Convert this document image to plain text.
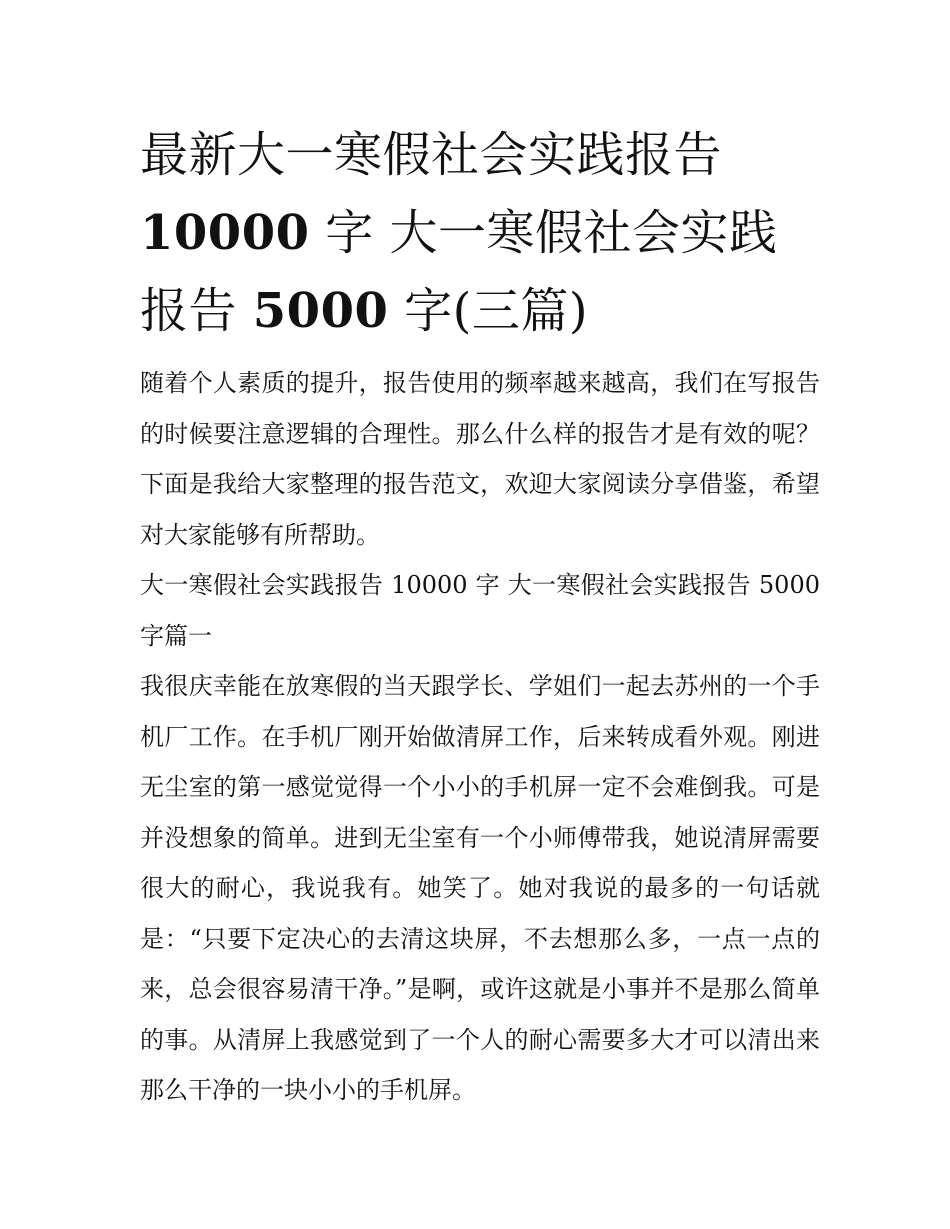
最新大一寒假社会实践报告 10000 字 大一寒假社会实践报告 5000 字(三篇)

随着个人素质的提升，报告使用的频率越来越高，我们在写报告的时候要注意逻辑的合理性。那么什么样的报告才是有效的呢？下面是我给大家整理的报告范文，欢迎大家阅读分享借鉴，希望对大家能够有所帮助。

大一寒假社会实践报告 10000 字 大一寒假社会实践报告 5000 字篇一

我很庆幸能在放寒假的当天跟学长、学姐们一起去苏州的一个手机厂工作。在手机厂刚开始做清屏工作，后来转成看外观。刚进无尘室的第一感觉觉得一个小小的手机屏一定不会难倒我。可是并没想象的简单。进到无尘室有一个小师傅带我，她说清屏需要很大的耐心，我说我有。她笑了。她对我说的最多的一句话就是：“只要下定决心的去清这块屏，不去想那么多，一点一点的来，总会很容易清干净。”是啊，或许这就是小事并不是那么简单的事。从清屏上我感觉到了一个人的耐心需要多大才可以清出来那么干净的一块小小的手机屏。
